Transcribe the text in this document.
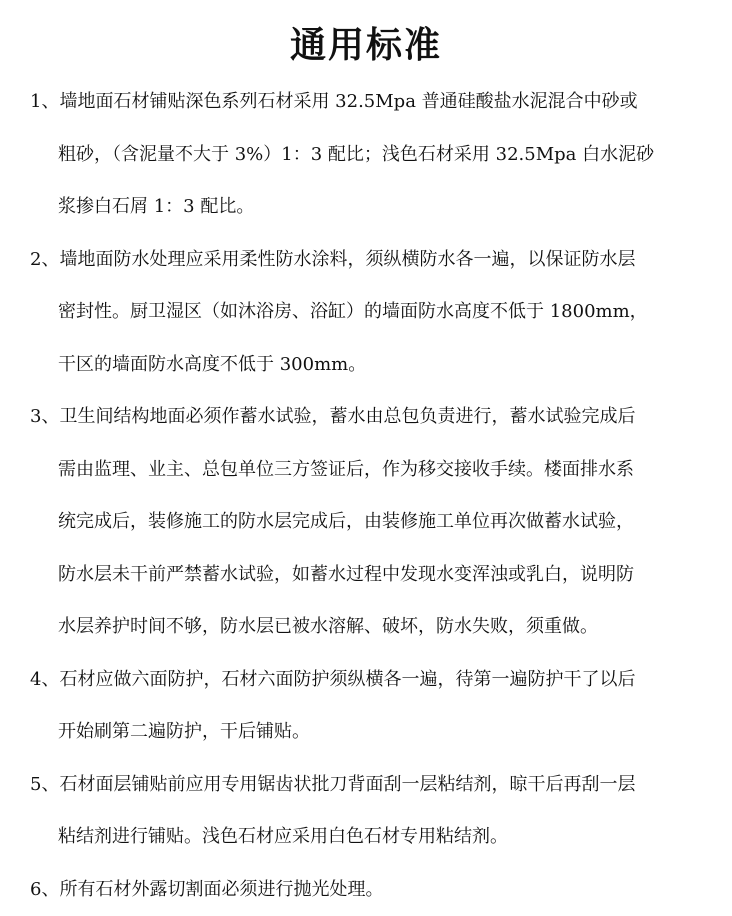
通用标准
1、墙地面石材铺贴深色系列石材采用 32.5Mpa 普通硅酸盐水泥混合中砂或
粗砂，（含泥量不大于 3%）1：3 配比；浅色石材采用 32.5Mpa 白水泥砂
浆掺白石屑 1：3 配比。
2、墙地面防水处理应采用柔性防水涂料，须纵横防水各一遍，以保证防水层
密封性。厨卫湿区（如沐浴房、浴缸）的墙面防水高度不低于 1800mm，
干区的墙面防水高度不低于 300mm。
3、卫生间结构地面必须作蓄水试验，蓄水由总包负责进行，蓄水试验完成后
需由监理、业主、总包单位三方签证后，作为移交接收手续。楼面排水系
统完成后，装修施工的防水层完成后，由装修施工单位再次做蓄水试验，
防水层未干前严禁蓄水试验，如蓄水过程中发现水变浑浊或乳白，说明防
水层养护时间不够，防水层已被水溶解、破坏，防水失败，须重做。
4、石材应做六面防护，石材六面防护须纵横各一遍，待第一遍防护干了以后
开始刷第二遍防护，干后铺贴。
5、石材面层铺贴前应用专用锯齿状批刀背面刮一层粘结剂，晾干后再刮一层
粘结剂进行铺贴。浅色石材应采用白色石材专用粘结剂。
6、所有石材外露切割面必须进行抛光处理。
